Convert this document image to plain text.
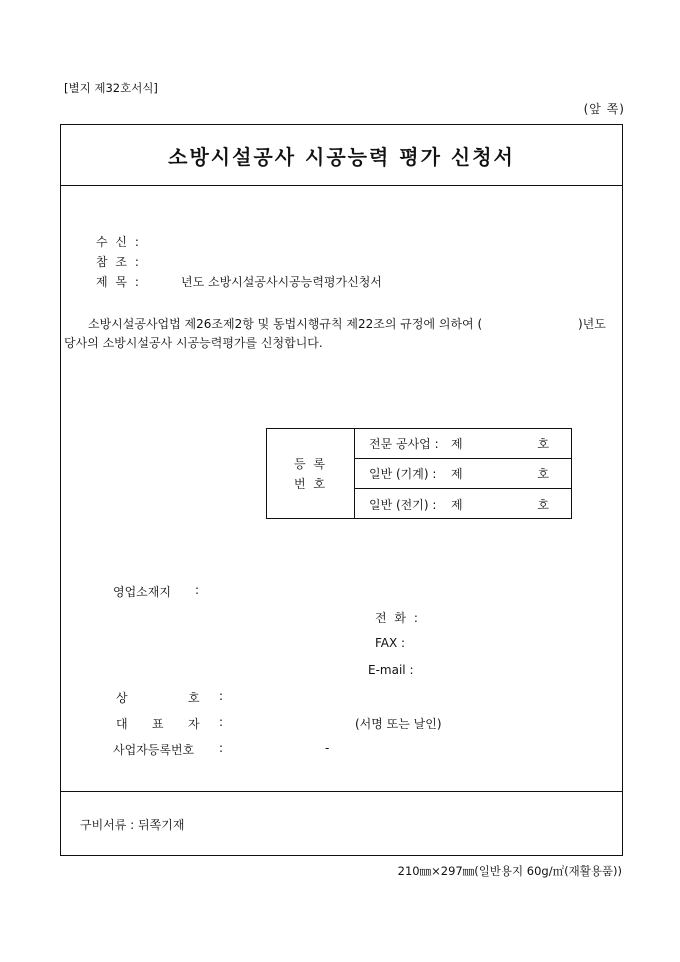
[별지 제32호서식]
(앞 쪽)
소방시설공사 시공능력 평가 신청서
수 신 :
참 조 :
제 목 :	년도 소방시설공사시공능력평가신청서
소방시설공사업법 제26조제2항 및 동법시행규칙 제22조의 규정에 의하여 (	)년도
당사의 소방시설공사 시공능력평가를 신청합니다.
등 록
번 호
전문 공사업 : 제	호
일반 (기계) : 제	호
일반 (전기) : 제	호
영업소재지 :
전 화 :
FAX :
E-mail :
상	호 :
대 표 자 :	(서명 또는 날인)
사업자등록번호 :	-
구비서류 : 뒤쪽기재
210㎜×297㎜(일반용지 60g/㎡(재활용품))
